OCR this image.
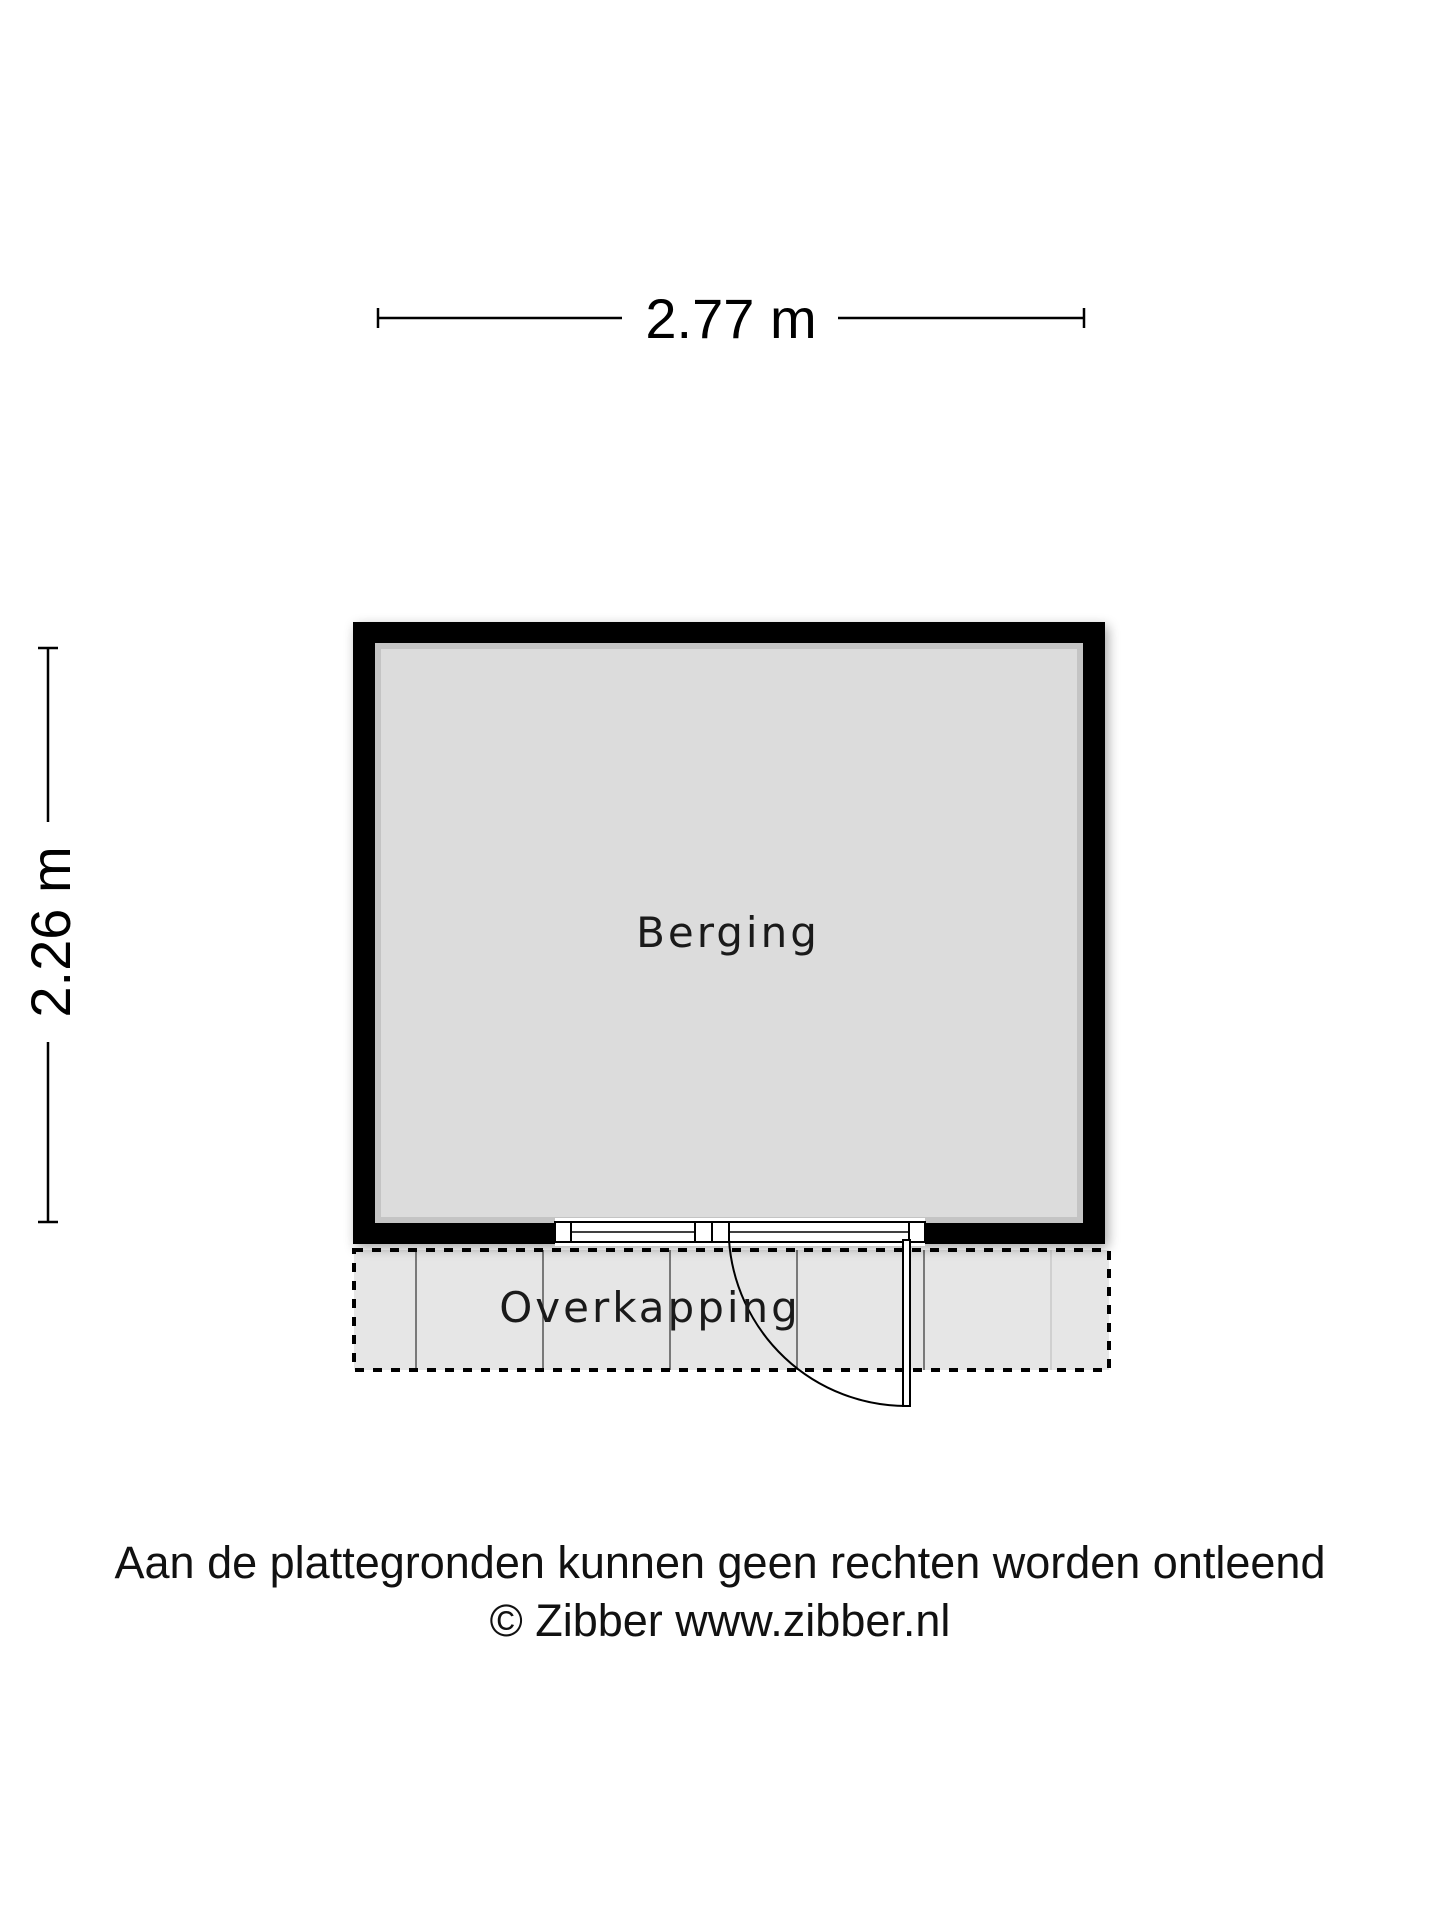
2.77 m
2.26 m	Berging
Overkapping
Aan de plattegronden kunnen geen rechten worden ontleend
© Zibber www.zibber.nl
